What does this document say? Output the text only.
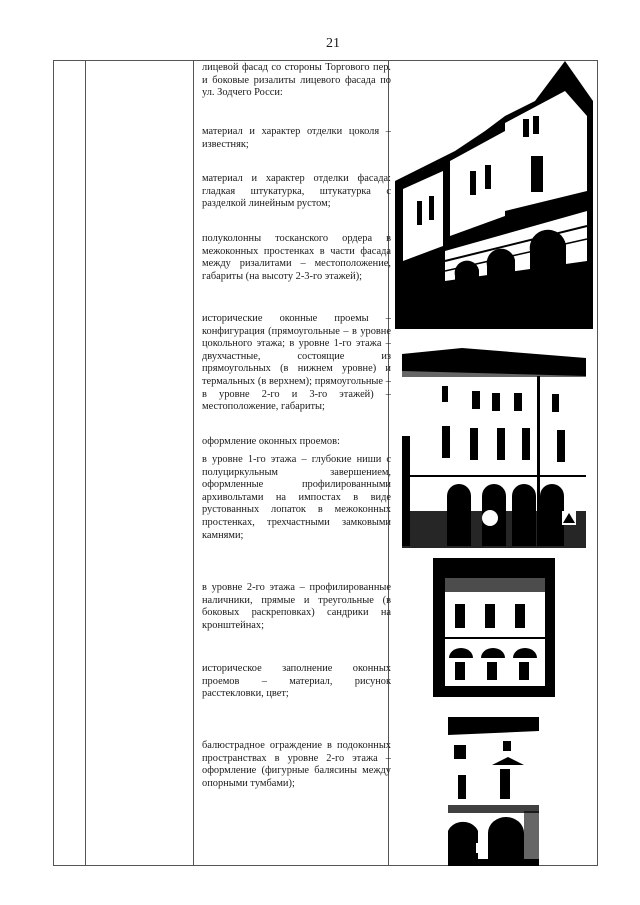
21
лицевой фасад со стороны Торгового пер. и боковые ризалиты лицевого фасада по ул. Зодчего Росси:
материал и характер отделки цоколя – известняк;
материал и характер отделки фасада: гладкая штукатурка, штукатурка с разделкой линейным рустом;
полуколонны тосканского ордера в межоконных простенках в части фасада между ризалитами – местоположение, габариты (на высоту 2-3-го этажей);
исторические оконные проемы – конфигурация (прямоугольные – в уровне цокольного этажа; в уровне 1-го этажа – двухчастные, состоящие из прямоугольных (в нижнем уровне) и термальных (в верхнем); прямоугольные – в уровне 2-го и 3-го этажей) – местоположение, габариты;
оформление оконных проемов:
в уровне 1-го этажа – глубокие ниши с полуциркульным завершением, оформленные профилированными архивольтами на импостах в виде рустованных лопаток в межоконных простенках, трехчастными замковыми камнями;
в уровне 2-го этажа – профилированные наличники, прямые и треугольные (в боковых раскреповках) сандрики на кронштейнах;
историческое заполнение оконных проемов – материал, рисунок расстекловки, цвет;
балюстрадное ограждение в подоконных пространствах в уровне 2-го этажа – оформление (фигурные балясины между опорными тумбами);
